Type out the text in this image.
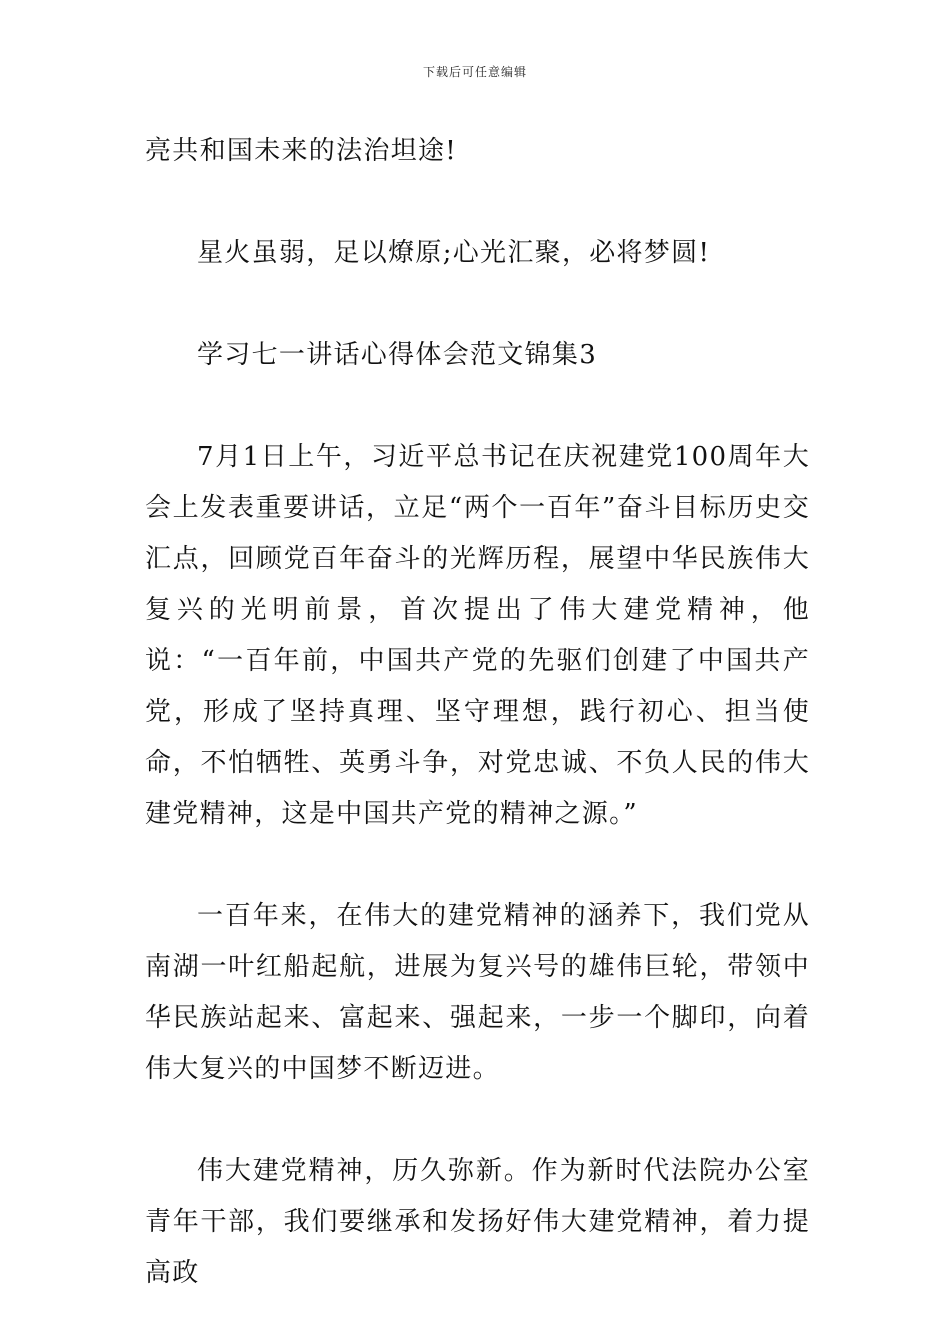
下载后可任意编辑

亮共和国未来的法治坦途!

星火虽弱，足以燎原;心光汇聚，必将梦圆!

学习七一讲话心得体会范文锦集3

7月1日上午，习近平总书记在庆祝建党100周年大会上发表重要讲话，立足“两个一百年”奋斗目标历史交汇点，回顾党百年奋斗的光辉历程，展望中华民族伟大复兴的光明前景，首次提出了伟大建党精神，他说：“一百年前，中国共产党的先驱们创建了中国共产党，形成了坚持真理、坚守理想，践行初心、担当使命，不怕牺牲、英勇斗争，对党忠诚、不负人民的伟大建党精神，这是中国共产党的精神之源。”

一百年来，在伟大的建党精神的涵养下，我们党从南湖一叶红船起航，进展为复兴号的雄伟巨轮，带领中华民族站起来、富起来、强起来，一步一个脚印，向着伟大复兴的中国梦不断迈进。

伟大建党精神，历久弥新。作为新时代法院办公室青年干部，我们要继承和发扬好伟大建党精神，着力提高政
